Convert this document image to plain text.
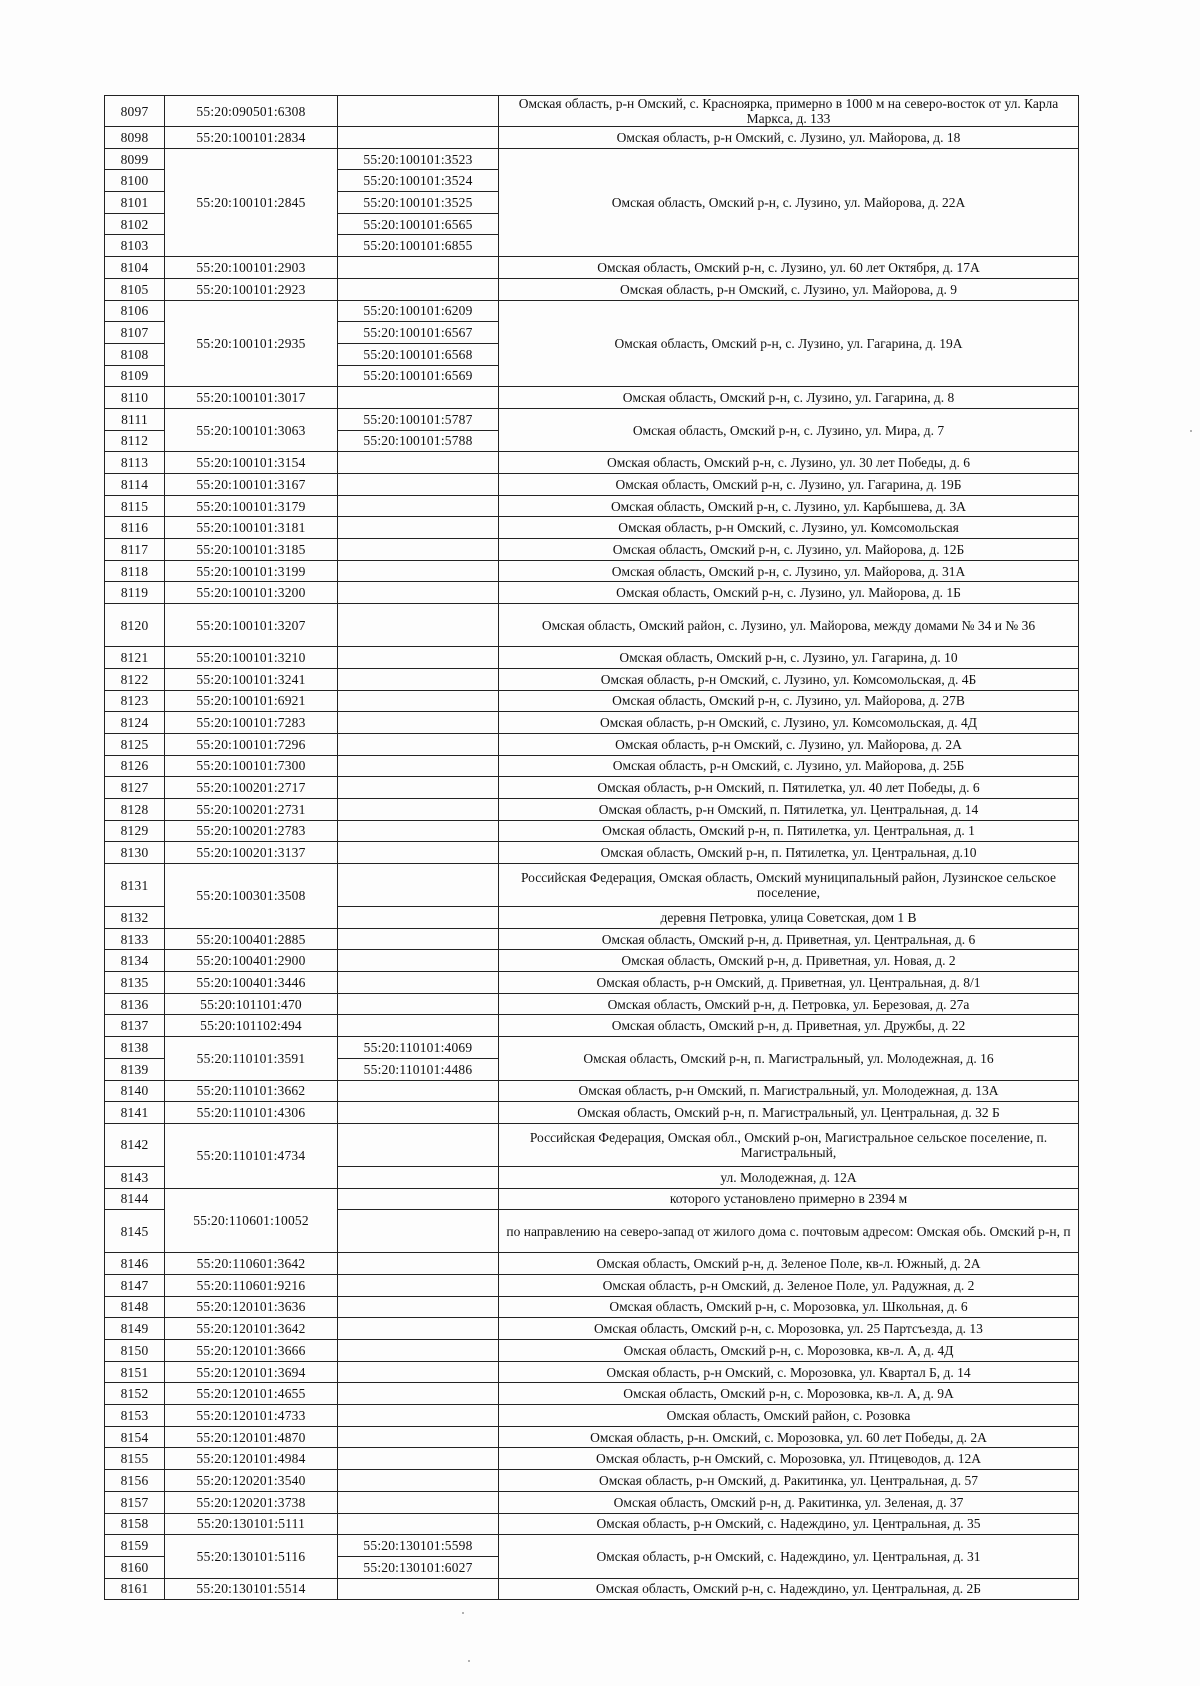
8097	55:20:090501:6308		Омская область, р-н Омский, с. Красноярка, примерно в 1000 м на северо-восток от ул. Карла Маркса, д. 133
8098	55:20:100101:2834		Омская область, р-н Омский, с. Лузино, ул. Майорова, д. 18
8099	55:20:100101:2845	55:20:100101:3523	Омская область, Омский р-н, с. Лузино, ул. Майорова, д. 22А
8100		55:20:100101:3524	
8101		55:20:100101:3525	
8102		55:20:100101:6565	
8103		55:20:100101:6855	
8104	55:20:100101:2903		Омская область, Омский р-н, с. Лузино, ул. 60 лет Октября, д. 17А
8105	55:20:100101:2923		Омская область, р-н Омский, с. Лузино, ул. Майорова, д. 9
8106	55:20:100101:2935	55:20:100101:6209	Омская область, Омский р-н, с. Лузино, ул. Гагарина, д. 19А
8107		55:20:100101:6567	
8108		55:20:100101:6568	
8109		55:20:100101:6569	
8110	55:20:100101:3017		Омская область, Омский р-н, с. Лузино, ул. Гагарина, д. 8
8111	55:20:100101:3063	55:20:100101:5787	Омская область, Омский р-н, с. Лузино, ул. Мира, д. 7
8112		55:20:100101:5788	
8113	55:20:100101:3154		Омская область, Омский р-н, с. Лузино, ул. 30 лет Победы, д. 6
8114	55:20:100101:3167		Омская область, Омский р-н, с. Лузино, ул. Гагарина, д. 19Б
8115	55:20:100101:3179		Омская область, Омский р-н, с. Лузино, ул. Карбышева, д. 3А
8116	55:20:100101:3181		Омская область, р-н Омский, с. Лузино, ул. Комсомольская
8117	55:20:100101:3185		Омская область, Омский р-н, с. Лузино, ул. Майорова, д. 12Б
8118	55:20:100101:3199		Омская область, Омский р-н, с. Лузино, ул. Майорова, д. 31А
8119	55:20:100101:3200		Омская область, Омский р-н, с. Лузино, ул. Майорова, д. 1Б
8120	55:20:100101:3207		Омская область, Омский район, с. Лузино, ул. Майорова, между домами № 34 и № 36
8121	55:20:100101:3210		Омская область, Омский р-н, с. Лузино, ул. Гагарина, д. 10
8122	55:20:100101:3241		Омская область, р-н Омский, с. Лузино, ул. Комсомольская, д. 4Б
8123	55:20:100101:6921		Омская область, Омский р-н, с. Лузино, ул. Майорова, д. 27В
8124	55:20:100101:7283		Омская область, р-н Омский, с. Лузино, ул. Комсомольская, д. 4Д
8125	55:20:100101:7296		Омская область, р-н Омский, с. Лузино, ул. Майорова, д. 2А
8126	55:20:100101:7300		Омская область, р-н Омский, с. Лузино, ул. Майорова, д. 25Б
8127	55:20:100201:2717		Омская область, р-н Омский, п. Пятилетка, ул. 40 лет Победы, д. 6
8128	55:20:100201:2731		Омская область, р-н Омский, п. Пятилетка, ул. Центральная, д. 14
8129	55:20:100201:2783		Омская область, Омский р-н, п. Пятилетка, ул. Центральная, д. 1
8130	55:20:100201:3137		Омская область, Омский р-н, п. Пятилетка, ул. Центральная, д.10
8131	55:20:100301:3508		Российская Федерация, Омская область, Омский муниципальный район, Лузинское сельское поселение,
8132			деревня Петровка, улица Советская, дом 1 В
8133	55:20:100401:2885		Омская область, Омский р-н, д. Приветная, ул. Центральная, д. 6
8134	55:20:100401:2900		Омская область, Омский р-н, д. Приветная, ул. Новая, д. 2
8135	55:20:100401:3446		Омская область, р-н Омский, д. Приветная, ул. Центральная, д. 8/1
8136	55:20:101101:470		Омская область, Омский р-н, д. Петровка, ул. Березовая, д. 27а
8137	55:20:101102:494		Омская область, Омский р-н, д. Приветная, ул. Дружбы, д. 22
8138	55:20:110101:3591	55:20:110101:4069	Омская область, Омский р-н, п. Магистральный, ул. Молодежная, д. 16
8139		55:20:110101:4486	
8140	55:20:110101:3662		Омская область, р-н Омский, п. Магистральный, ул. Молодежная, д. 13А
8141	55:20:110101:4306		Омская область, Омский р-н, п. Магистральный, ул. Центральная, д. 32 Б
8142	55:20:110101:4734		Российская Федерация, Омская обл., Омский р-он, Магистральное сельское поселение, п. Магистральный,
8143			ул. Молодежная, д. 12А
8144	55:20:110601:10052		которого установлено примерно в 2394 м
8145			по направлению на северо-запад от жилого дома с. почтовым адресом: Омская обь. Омский р-н, п
8146	55:20:110601:3642		Омская область, Омский р-н, д. Зеленое Поле, кв-л. Южный, д. 2А
8147	55:20:110601:9216		Омская область, р-н Омский, д. Зеленое Поле, ул. Радужная, д. 2
8148	55:20:120101:3636		Омская область, Омский р-н, с. Морозовка, ул. Школьная, д. 6
8149	55:20:120101:3642		Омская область, Омский р-н, с. Морозовка, ул. 25 Партсъезда, д. 13
8150	55:20:120101:3666		Омская область, Омский р-н, с. Морозовка, кв-л. А, д. 4Д
8151	55:20:120101:3694		Омская область, р-н Омский, с. Морозовка, ул. Квартал Б, д. 14
8152	55:20:120101:4655		Омская область, Омский р-н, с. Морозовка, кв-л. А, д. 9А
8153	55:20:120101:4733		Омская область, Омский район, с. Розовка
8154	55:20:120101:4870		Омская область, р-н. Омский, с. Морозовка, ул. 60 лет Победы, д. 2А
8155	55:20:120101:4984		Омская область, р-н Омский, с. Морозовка, ул. Птицеводов, д. 12А
8156	55:20:120201:3540		Омская область, р-н Омский, д. Ракитинка, ул. Центральная, д. 57
8157	55:20:120201:3738		Омская область, Омский р-н, д. Ракитинка, ул. Зеленая, д. 37
8158	55:20:130101:5111		Омская область, р-н Омский, с. Надеждино, ул. Центральная, д. 35
8159	55:20:130101:5116	55:20:130101:5598	Омская область, р-н Омский, с. Надеждино, ул. Центральная, д. 31
8160		55:20:130101:6027	
8161	55:20:130101:5514		Омская область, Омский р-н, с. Надеждино, ул. Центральная, д. 2Б
